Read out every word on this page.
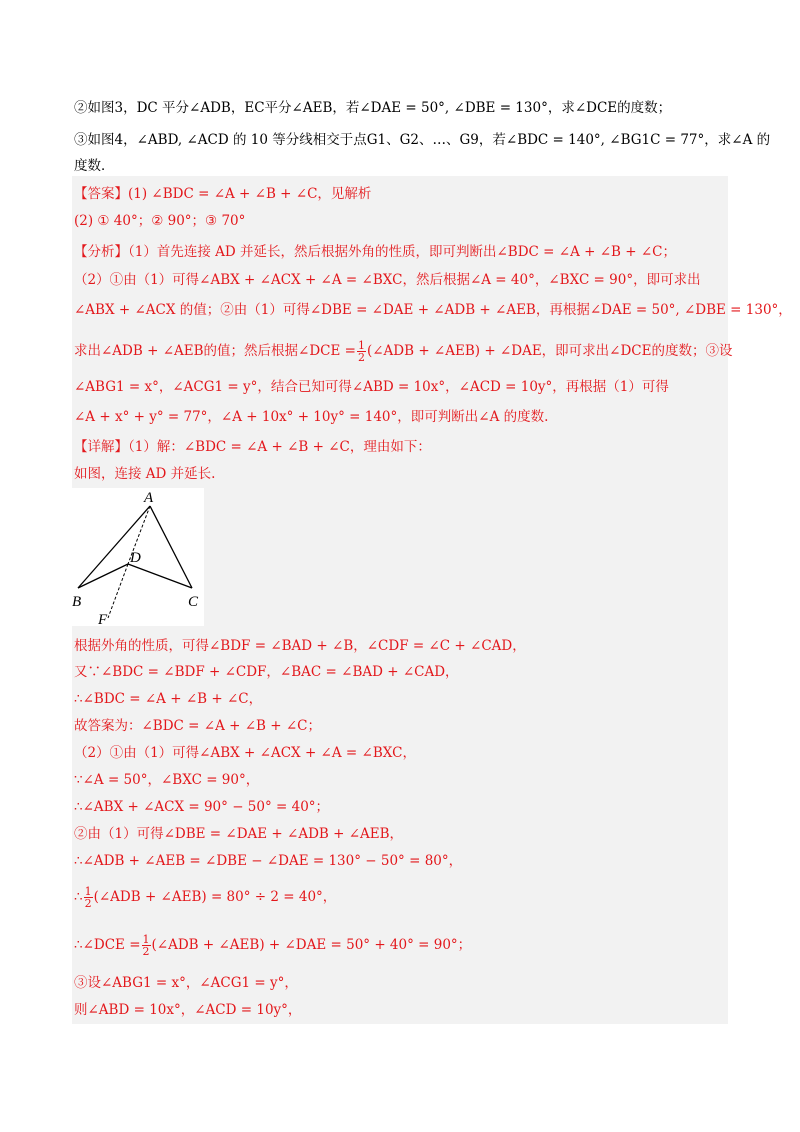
②如图3，DC 平分∠ADB，EC平分∠AEB，若∠DAE = 50°, ∠DBE = 130°，求∠DCE的度数；
③如图4，∠ABD, ∠ACD 的 10 等分线相交于点G1、G2、…、G9，若∠BDC = 140°, ∠BG1C = 77°，求∠A 的
度数．
【答案】(1) ∠BDC = ∠A + ∠B + ∠C，见解析
(2) ① 40°；② 90°；③ 70°
【分析】（1）首先连接 AD 并延长，然后根据外角的性质，即可判断出∠BDC = ∠A + ∠B + ∠C；
（2）①由（1）可得∠ABX + ∠ACX + ∠A = ∠BXC，然后根据∠A = 40°，∠BXC = 90°，即可求出
∠ABX + ∠ACX 的值；②由（1）可得∠DBE = ∠DAE + ∠ADB + ∠AEB，再根据∠DAE = 50°, ∠DBE = 130°，
求出∠ADB + ∠AEB的值；然后根据∠DCE = $\frac{1}{2}$ (∠ADB + ∠AEB) + ∠DAE，即可求出∠DCE的度数；③设
∠ABG1 = x°，∠ACG1 = y°，结合已知可得∠ABD = 10x°，∠ACD = 10y°，再根据（1）可得
∠A + x° + y° = 77°，∠A + 10x° + 10y° = 140°，即可判断出∠A 的度数.
【详解】（1）解：∠BDC = ∠A + ∠B + ∠C，理由如下：
如图，连接 AD 并延长.
A
B	C
D
F
根据外角的性质，可得∠BDF = ∠BAD + ∠B，∠CDF = ∠C + ∠CAD，
又∵∠BDC = ∠BDF + ∠CDF，∠BAC = ∠BAD + ∠CAD，
∴∠BDC = ∠A + ∠B + ∠C，
故答案为：∠BDC = ∠A + ∠B + ∠C；
（2）①由（1）可得∠ABX + ∠ACX + ∠A = ∠BXC，
∵∠A = 50°，∠BXC = 90°，
∴∠ABX + ∠ACX = 90° − 50° = 40°；
②由（1）可得∠DBE = ∠DAE + ∠ADB + ∠AEB，
∴∠ADB + ∠AEB = ∠DBE − ∠DAE = 130° − 50° = 80°，
∴ $\frac{1}{2}$ (∠ADB + ∠AEB) = 80° ÷ 2 = 40°，
∴∠DCE = $\frac{1}{2}$ (∠ADB + ∠AEB) + ∠DAE = 50° + 40° = 90°；
③设∠ABG1 = x°，∠ACG1 = y°，
则∠ABD = 10x°，∠ACD = 10y°，
